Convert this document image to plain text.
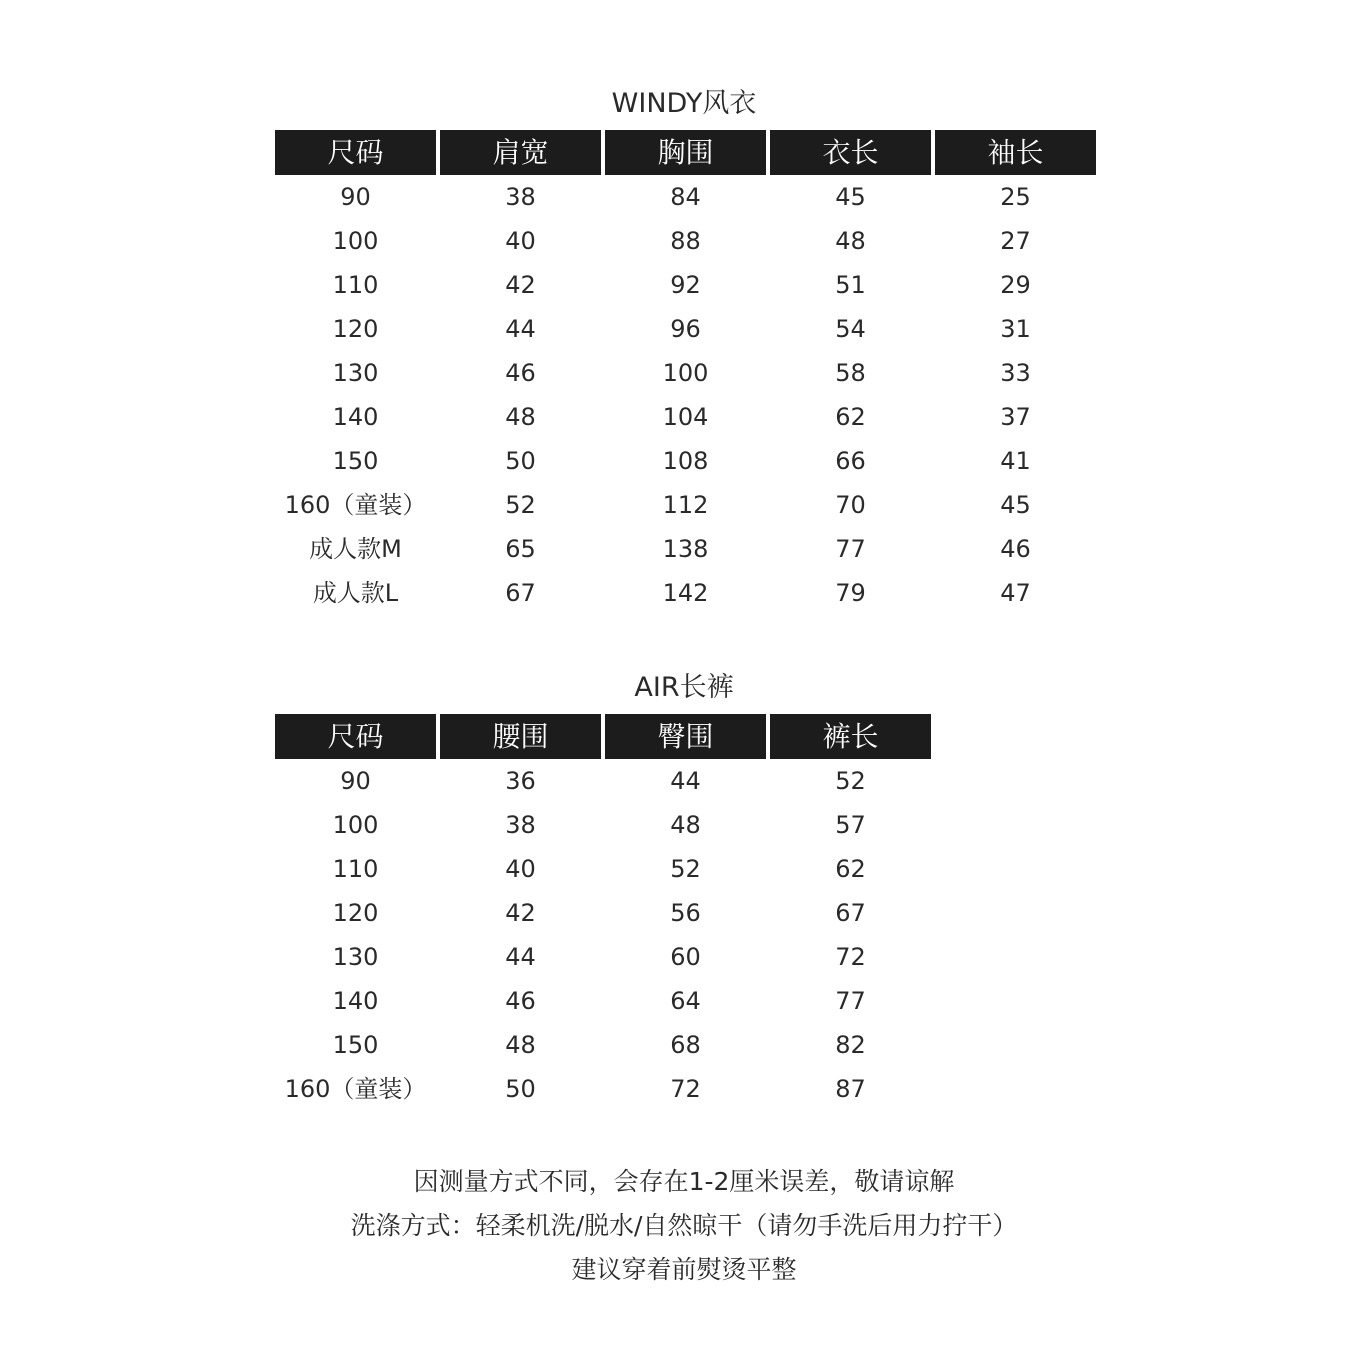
WINDY风衣
尺码	肩宽	胸围	衣长	袖长
90	38	84	45	25
100	40	88	48	27
110	42	92	51	29
120	44	96	54	31
130	46	100	58	33
140	48	104	62	37
150	50	108	66	41
160（童装）	52	112	70	45
成人款M	65	138	77	46
成人款L	67	142	79	47
AIR长裤
尺码	腰围	臀围	裤长
90	36	44	52
100	38	48	57
110	40	52	62
120	42	56	67
130	44	60	72
140	46	64	77
150	48	68	82
160（童装）	50	72	87
因测量方式不同，会存在1-2厘米误差，敬请谅解
洗涤方式：轻柔机洗/脱水/自然晾干（请勿手洗后用力拧干）
建议穿着前熨烫平整
